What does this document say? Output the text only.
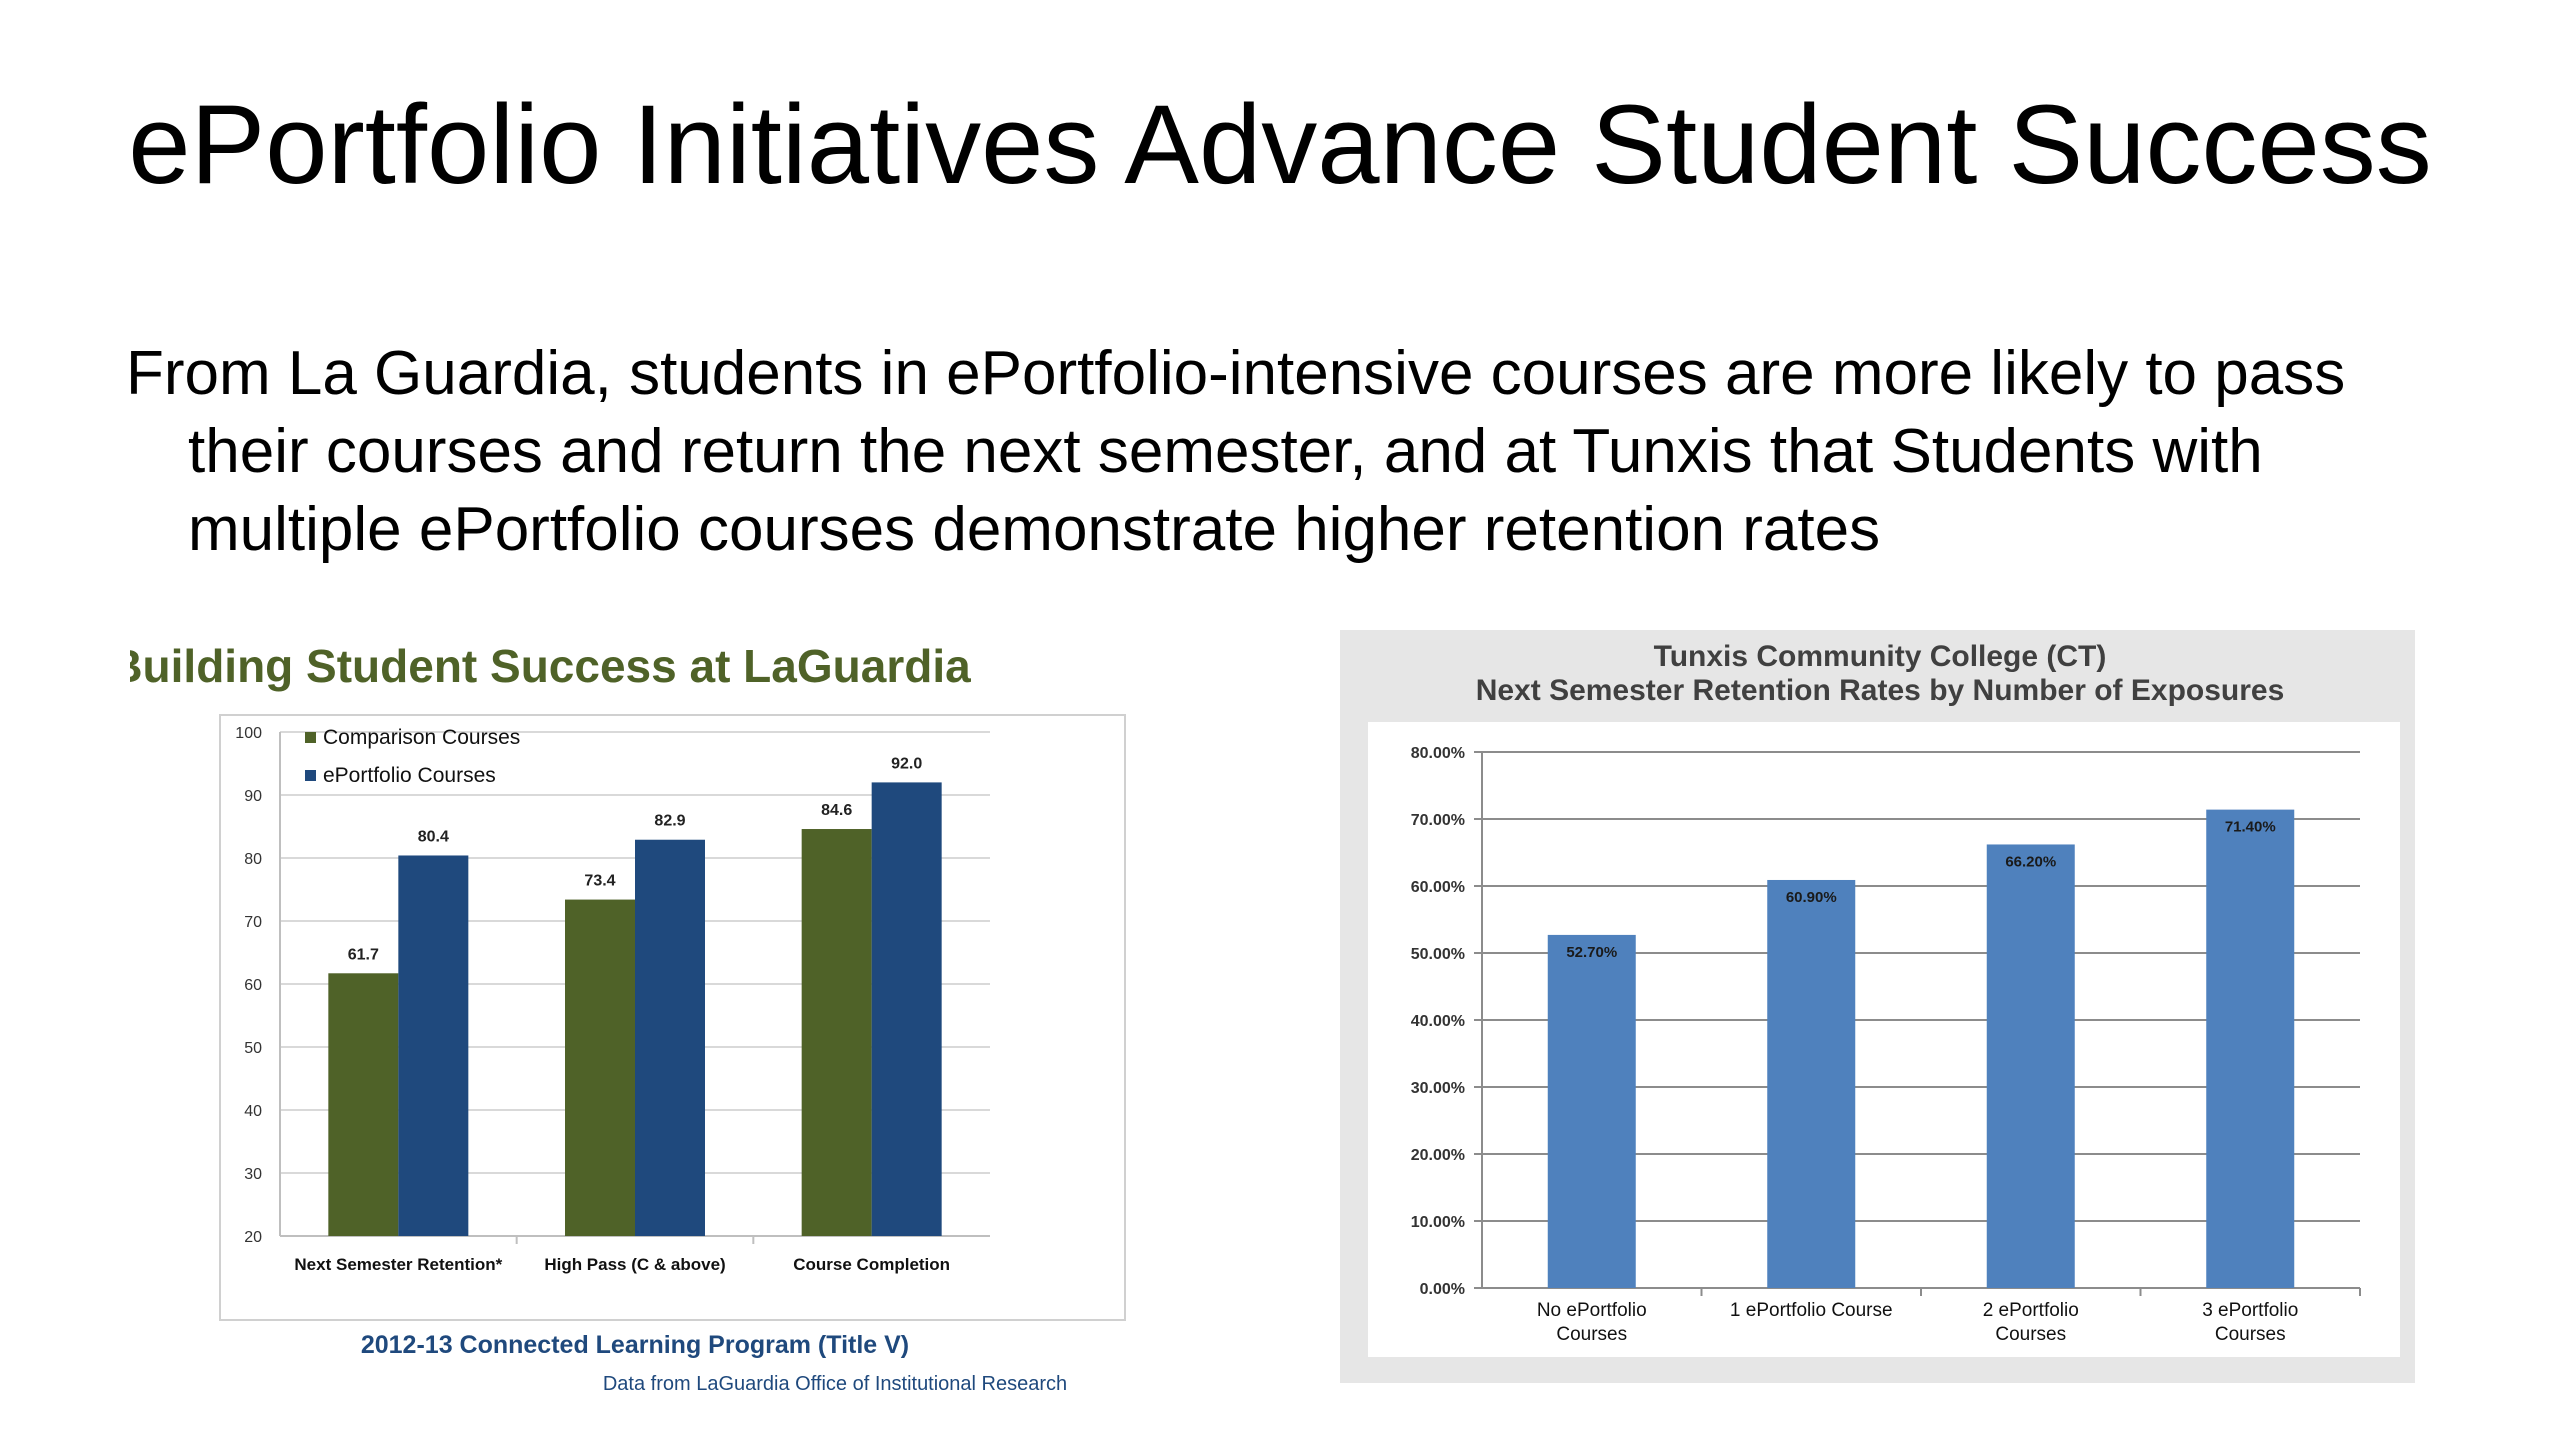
ePortfolio Initiatives Advance Student Success
From La Guardia, students in ePortfolio-intensive courses are more likely to pass their courses and return the next semester, and at Tunxis that Students with multiple ePortfolio courses demonstrate higher retention rates
Building Student Success at LaGuardia
20
30
40
50
60
70
80
90
100
61.7
80.4
Next Semester Retention*
73.4
82.9
High Pass (C & above)
84.6
92.0
Course Completion
Comparison Courses
ePortfolio Courses
2012-13 Connected Learning Program (Title V)
Data from LaGuardia Office of Institutional Research
Tunxis Community College (CT)
Next Semester Retention Rates by Number of Exposures
0.00%
10.00%
20.00%
30.00%
40.00%
50.00%
60.00%
70.00%
80.00%
52.70%
No ePortfolio
Courses
60.90%
1 ePortfolio Course
66.20%
2 ePortfolio
Courses
71.40%
3 ePortfolio
Courses
